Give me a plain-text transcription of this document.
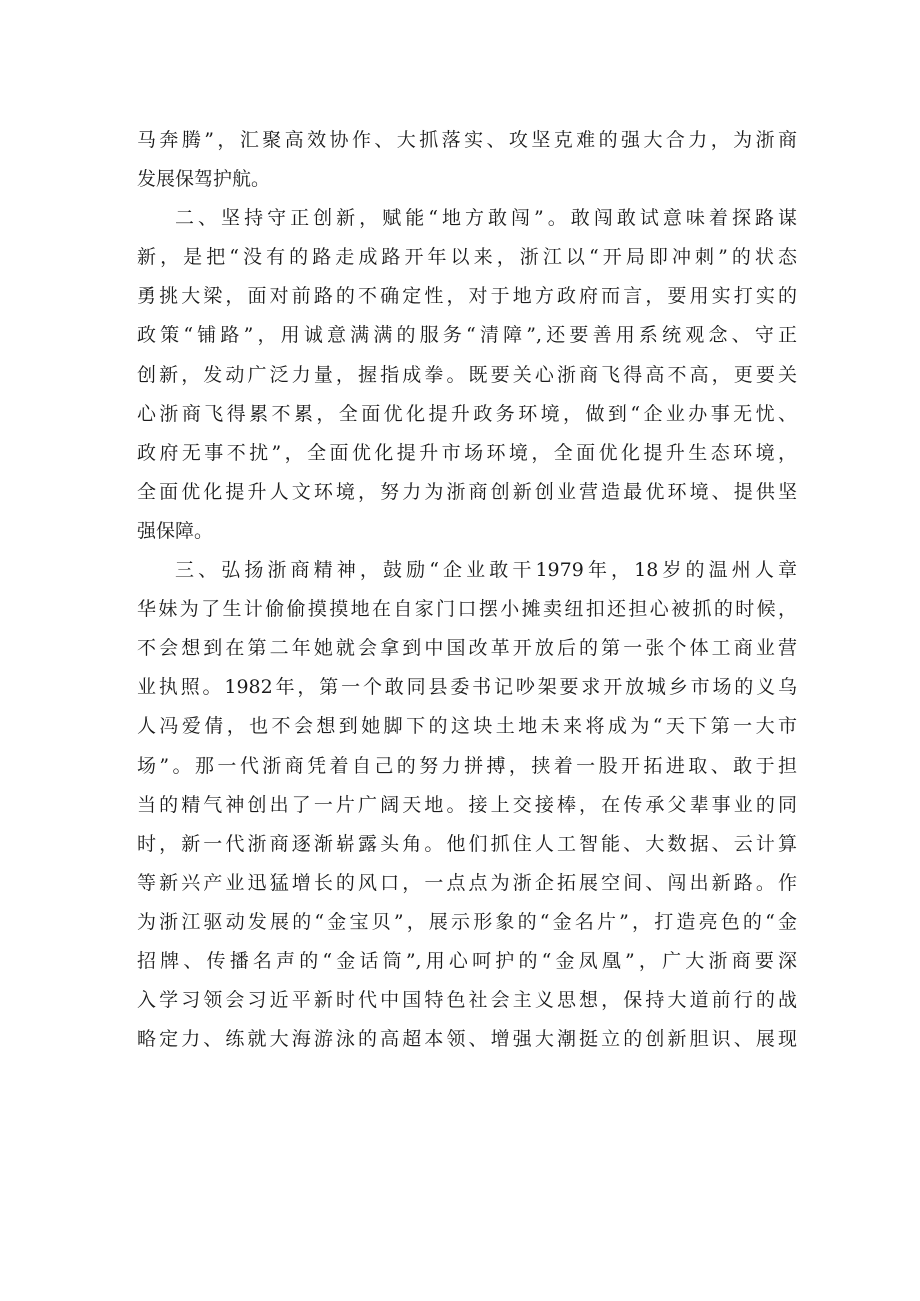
马奔腾”，汇聚高效协作、大抓落实、攻坚克难的强大合力，为浙商
发展保驾护航。
二、坚持守正创新，赋能“地方敢闯”。敢闯敢试意味着探路谋
新，是把“没有的路走成路开年以来，浙江以“开局即冲刺”的状态
勇挑大梁，面对前路的不确定性，对于地方政府而言，要用实打实的
政策“铺路”，用诚意满满的服务“清障”,还要善用系统观念、守正
创新，发动广泛力量，握指成拳。既要关心浙商飞得高不高，更要关
心浙商飞得累不累，全面优化提升政务环境，做到“企业办事无忧、
政府无事不扰”，全面优化提升市场环境，全面优化提升生态环境，
全面优化提升人文环境，努力为浙商创新创业营造最优环境、提供坚
强保障。
三、弘扬浙商精神，鼓励“企业敢干1979年，18岁的温州人章
华妹为了生计偷偷摸摸地在自家门口摆小摊卖纽扣还担心被抓的时候，
不会想到在第二年她就会拿到中国改革开放后的第一张个体工商业营
业执照。1982年，第一个敢同县委书记吵架要求开放城乡市场的义乌
人冯爱倩，也不会想到她脚下的这块土地未来将成为“天下第一大市
场”。那一代浙商凭着自己的努力拼搏，挟着一股开拓进取、敢于担
当的精气神创出了一片广阔天地。接上交接棒，在传承父辈事业的同
时，新一代浙商逐渐崭露头角。他们抓住人工智能、大数据、云计算
等新兴产业迅猛增长的风口，一点点为浙企拓展空间、闯出新路。作
为浙江驱动发展的“金宝贝”，展示形象的“金名片”，打造亮色的“金
招牌、传播名声的“金话筒”,用心呵护的“金凤凰”，广大浙商要深
入学习领会习近平新时代中国特色社会主义思想，保持大道前行的战
略定力、练就大海游泳的高超本领、增强大潮挺立的创新胆识、展现
